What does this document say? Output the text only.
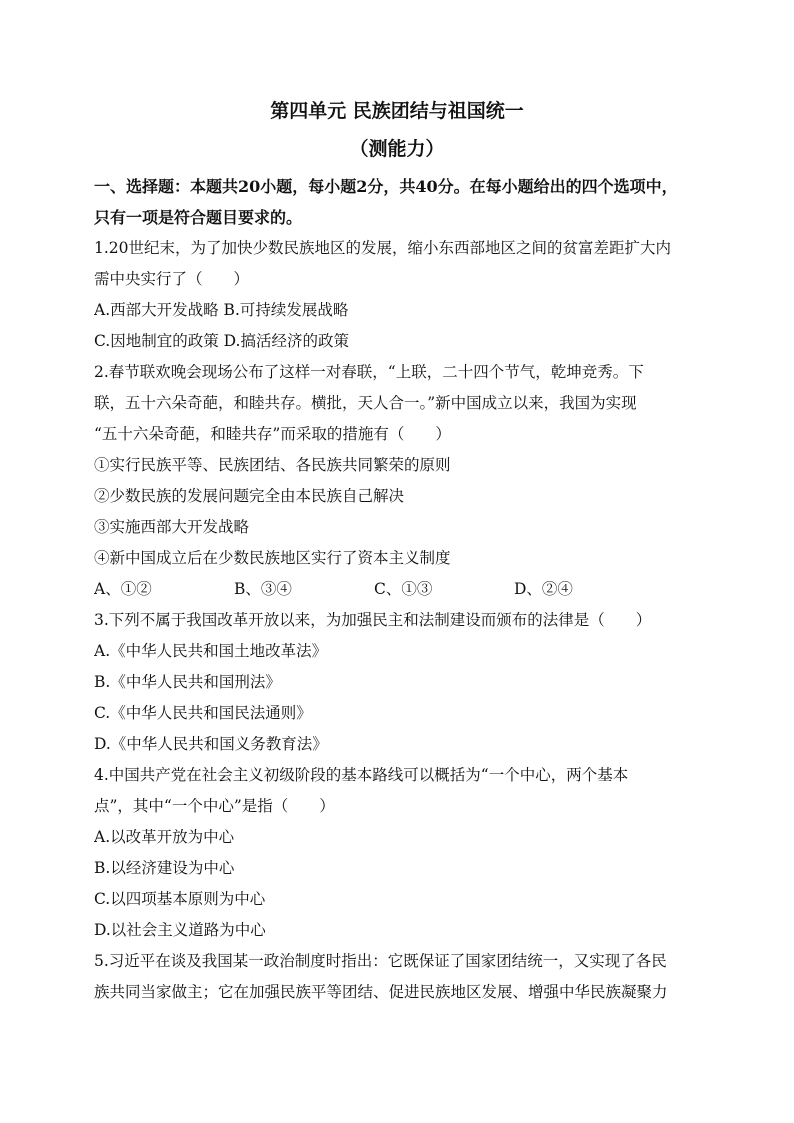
第四单元 民族团结与祖国统一
（测能力）
一、选择题：本题共20小题，每小题2分，共40分。在每小题给出的四个选项中，
只有一项是符合题目要求的。
1.20世纪末，为了加快少数民族地区的发展，缩小东西部地区之间的贫富差距扩大内
需中央实行了（　　）
A.西部大开发战略 B.可持续发展战略
C.因地制宜的政策 D.搞活经济的政策
2.春节联欢晚会现场公布了这样一对春联，“上联，二十四个节气，乾坤竞秀。下
联，五十六朵奇葩，和睦共存。横批，天人合一。”新中国成立以来，我国为实现
“五十六朵奇葩，和睦共存”而采取的措施有（　　）
①实行民族平等、民族团结、各民族共同繁荣的原则
②少数民族的发展问题完全由本民族自己解决
③实施西部大开发战略
④新中国成立后在少数民族地区实行了资本主义制度
A、①②	B、③④	C、①③	D、②④
3.下列不属于我国改革开放以来，为加强民主和法制建设而颁布的法律是（　　）
A.《中华人民共和国土地改革法》
B.《中华人民共和国刑法》
C.《中华人民共和国民法通则》
D.《中华人民共和国义务教育法》
4.中国共产党在社会主义初级阶段的基本路线可以概括为“一个中心，两个基本
点”，其中“一个中心”是指（　　）
A.以改革开放为中心
B.以经济建设为中心
C.以四项基本原则为中心
D.以社会主义道路为中心
5.习近平在谈及我国某一政治制度时指出：它既保证了国家团结统一，又实现了各民
族共同当家做主；它在加强民族平等团结、促进民族地区发展、增强中华民族凝聚力
